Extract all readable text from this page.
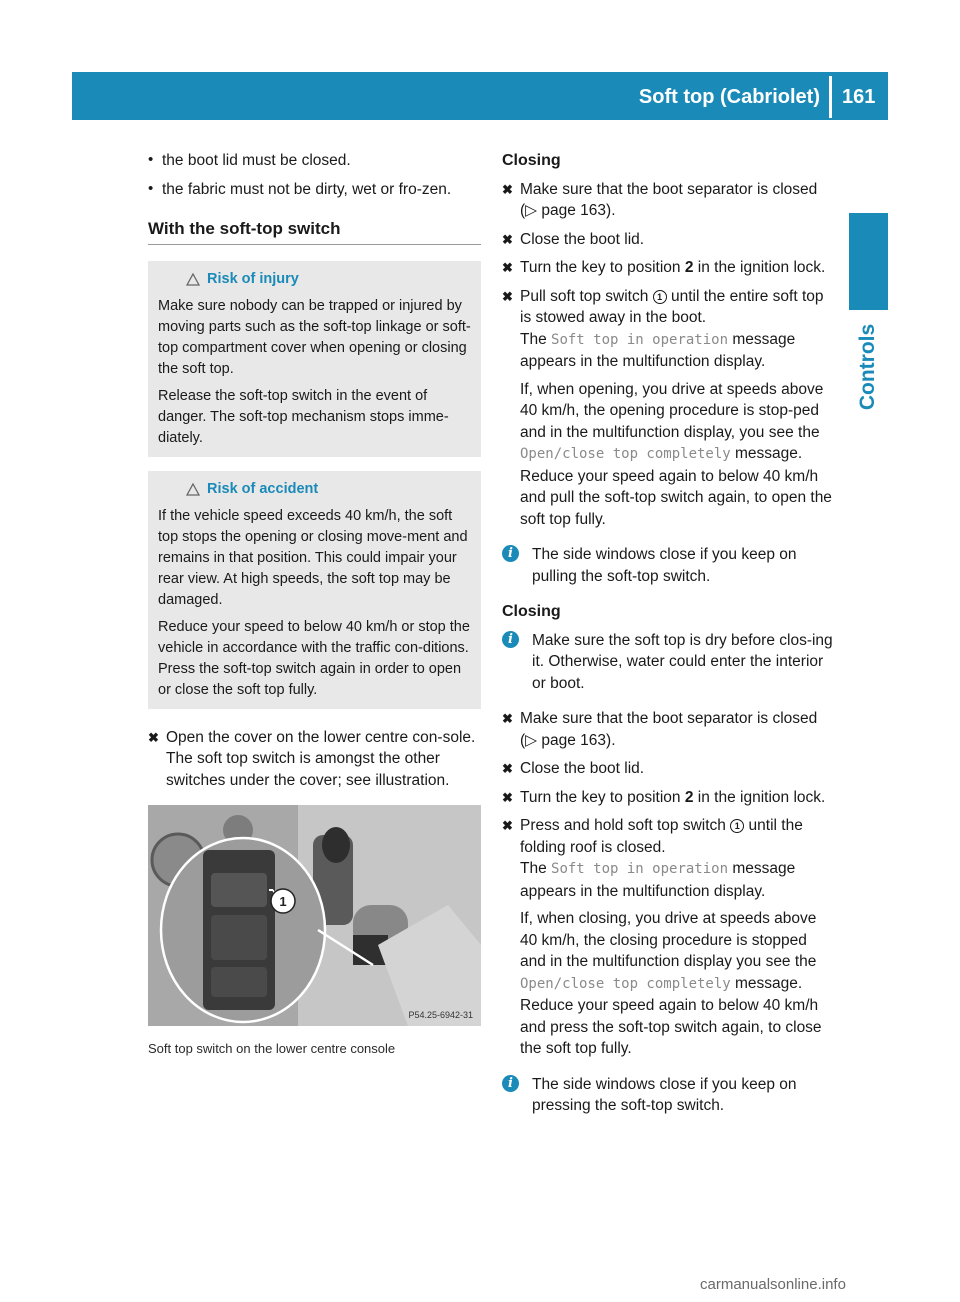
Soft top (Cabriolet) 161
Controls

• the boot lid must be closed.

• the fabric must not be dirty, wet or fro-zen.

With the soft-top switch

Risk of injury

Make sure nobody can be trapped or injured by moving parts such as the soft-top linkage or soft-top compartment cover when opening or closing the soft top.

Release the soft-top switch in the event of danger. The soft-top mechanism stops imme-diately.

Risk of accident

If the vehicle speed exceeds 40 km/h, the soft top stops the opening or closing move-ment and remains in that position. This could impair your rear view. At high speeds, the soft top may be damaged.

Reduce your speed to below 40 km/h or stop the vehicle in accordance with the traffic con-ditions. Press the soft-top switch again in order to open or close the soft top fully.

✖ Open the cover on the lower centre con-sole.
The soft top switch is amongst the other switches under the cover; see illustration.
1
P54.25-6942-31

Soft top switch on the lower centre console

Closing

✖ Make sure that the boot separator is closed
(▷ page 163).
✖ Close the boot lid.
✖ Turn the key to position 2 in the ignition lock.
✖ Pull soft top switch 1 until the entire soft top is stowed away in the boot.
The Soft top in operation message appears in the multifunction display.

If, when opening, you drive at speeds above 40 km/h, the opening procedure is stop-ped and in the multifunction display, you see the Open/close top completely message. Reduce your speed again to below 40 km/h and pull the soft-top switch again, to open the soft top fully.

i	The side windows close if you keep on pulling the soft-top switch.

Closing

i	Make sure the soft top is dry before clos-ing it. Otherwise, water could enter the interior or boot.
✖ Make sure that the boot separator is closed
(▷ page 163).
✖ Close the boot lid.
✖ Turn the key to position 2 in the ignition lock.
✖ Press and hold soft top switch 1 until the folding roof is closed.
The Soft top in operation message appears in the multifunction display.

If, when closing, you drive at speeds above 40 km/h, the closing procedure is stopped and in the multifunction display you see the Open/close top completely message. Reduce your speed again to below 40 km/h and press the soft-top switch again, to close the soft top fully.

i	The side windows close if you keep on pressing the soft-top switch.
carmanualsonline.info
